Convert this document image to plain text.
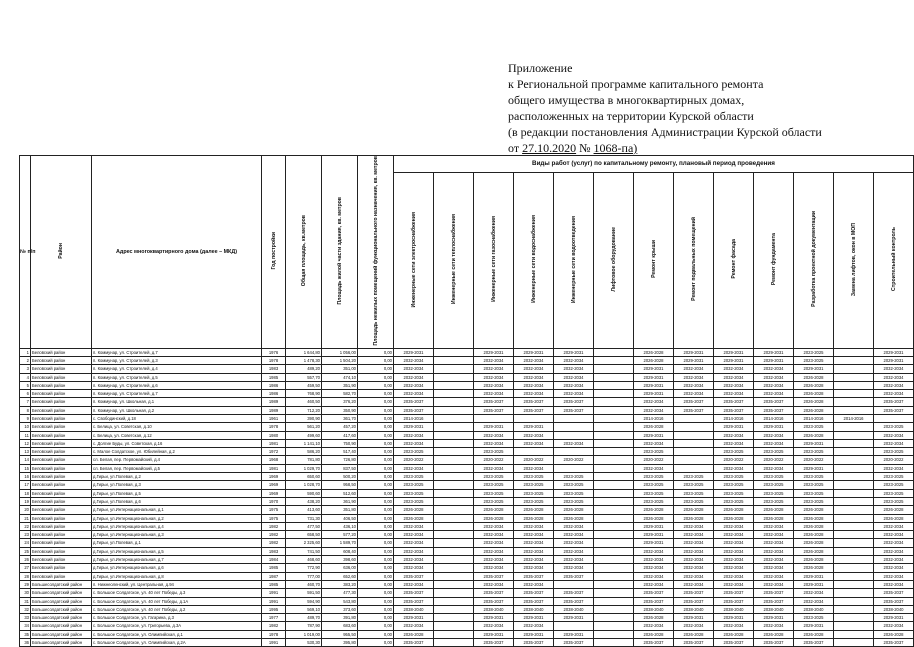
Приложение
к Региональной программе капитального ремонта
общего имущества в многоквартирных домах,
расположенных на территории Курской области
(в редакции постановления Администрации Курской области
от 27.10.2020 № 1068-па)
№ п/п	Район	Адрес многоквартирного дома (далее – МКД)	Год постройки	Общая площадь, кв.метров	Площадь жилой части здания, кв. метров	Площадь нежилых помещений функционального назначения, кв. метров	Виды работ (услуг) по капитальному ремонту, плановый период проведения												
							Инженерные сети электроснабжения	Инженерные сети теплоснабжения	Инженерные сети газоснабжения	Инженерные сети водоснабжения	Инженерные сети водоотведения	Лифтовое оборудование	Ремонт крыши	Ремонт подвальных помещений	Ремонт фасада	Ремонт фундамента	Разработка проектной документации	Замена лифтов, окон в МОП	Строительный контроль
1	Беловский район	п. Коммунар, ул. Строителей, д.7	1976	1 644,80	1 056,00	0,00	2029-2031		2029-2031	2029-2031	2029-2031		2026-2028	2029-2031	2029-2031	2029-2031	2023-2025		2029-2031
2	Беловский район	п. Коммунар, ул. Строителей, д.3	1978	1 478,30	1 504,20	0,00	2032-2034		2032-2034	2032-2034	2032-2034		2026-2028	2029-2031	2029-2031	2029-2031	2023-2025		2029-2031
3	Беловский район	п. Коммунар, ул. Строителей, д.4	1983	489,20	351,00	0,00	2032-2034		2032-2034	2032-2034	2032-2034		2029-2031	2032-2034	2032-2034	2032-2034	2029-2031		2032-2034
4	Беловский район	п. Коммунар, ул. Строителей, д.5	1985	557,70	474,10	0,00	2032-2034		2032-2034	2032-2034	2032-2034		2029-2031	2032-2034	2032-2034	2032-2034	2026-2028		2032-2034
5	Беловский район	п. Коммунар, ул. Строителей, д.6	1986	459,50	351,90	0,00	2032-2034		2032-2034	2032-2034	2032-2034		2029-2031	2032-2034	2032-2034	2032-2034	2026-2028		2032-2034
6	Беловский район	п. Коммунар, ул. Строителей, д.7	1986	768,90	582,70	0,00	2032-2034		2032-2034	2032-2034	2032-2034		2029-2031	2032-2034	2032-2034	2032-2034	2026-2028		2032-2034
7	Беловский район	п. Коммунар, ул. Школьная, д.1	1989	460,50	376,20	0,00	2035-2037		2035-2037	2035-2037	2035-2037		2032-2034	2035-2037	2035-2037	2035-2037	2026-2028		2035-2037
8	Беловский район	п. Коммунар, ул. Школьная, д.2	1989	712,20	350,90	0,00	2035-2037		2035-2037	2035-2037	2035-2037		2032-2034	2035-2037	2035-2037	2035-2037	2026-2028		2035-2037
9	Беловский район	с. Свободинский, д.18	1961	390,90	361,70	0,00	2014-2016						2014-2016		2014-2016	2014-2016	2014-2016	2014-2016	
10	Беловский район	с. Белица, ул. Советская, д.10	1978	561,20	457,20	0,00	2029-2031		2029-2031	2029-2031			2026-2028		2029-2031	2029-2031	2023-2025		2023-2025
11	Беловский район	с. Белица, ул. Советская, д.12	1980	499,60	417,60	0,00	2032-2034		2032-2034	2032-2034			2029-2031		2032-2034	2032-2034	2026-2028		2032-2034
12	Беловский район	с. Долгие Буды, ул. Советская, д.16	1981	1 141,10	750,90	0,00	2032-2034		2032-2034	2032-2034	2032-2034		2032-2034		2032-2034	2032-2034	2029-2031		2032-2034
13	Беловский район	с. Малое Солдатское, ул. Юбилейная, д.2	1972	586,20	517,40	0,00	2023-2025		2023-2025				2023-2025		2023-2025	2023-2025	2023-2025		2023-2025
14	Беловский район	сл. Белая, пер. Первомайский, д.4	1968	781,80	726,80	0,00	2020-2022		2020-2022	2020-2022	2020-2022		2020-2022		2020-2022	2020-2022	2020-2022		2020-2022
15	Беловский район	сл. Белая, пер. Первомайский, д.5	1981	1 029,70	837,50	0,00	2032-2034		2032-2034	2032-2034			2032-2034		2032-2034	2032-2034	2029-2031		2032-2034
16	Беловский район	д.Гирьи, ул.Полевая, д.2	1969	650,60	500,20	0,00	2023-2025		2023-2025	2023-2025	2023-2025		2023-2025	2023-2025	2023-2025	2023-2025	2023-2025		2023-2025
17	Беловский район	д.Гирьи, ул.Полевая, д.3	1969	1 028,70	958,50	0,00	2023-2025		2023-2025	2023-2025	2023-2025		2023-2025	2023-2025	2023-2025	2023-2025	2023-2025		2023-2025
18	Беловский район	д.Гирьи, ул.Полевая, д.5	1969	590,60	512,60	0,00	2023-2025		2023-2025	2023-2025	2023-2025		2023-2025	2023-2025	2023-2025	2023-2025	2023-2025		2023-2025
19	Беловский район	д.Гирьи, ул.Полевая, д.6	1970	438,20	361,90	0,00	2023-2025		2023-2025	2023-2025	2023-2025		2023-2025	2023-2025	2023-2025	2023-2025	2023-2025		2023-2025
20	Беловский район	д.Гирьи, ул.Интернациональная, д.1	1975	413,60	351,80	0,00	2026-2028		2026-2028	2026-2028	2026-2028		2026-2028	2026-2028	2026-2028	2026-2028	2026-2028		2026-2028
21	Беловский район	д.Гирьи, ул.Интернациональная, д.2	1975	731,30	406,50	0,00	2026-2028		2026-2028	2026-2028	2026-2028		2026-2028	2026-2028	2026-2028	2026-2028	2026-2028		2026-2028
22	Беловский район	д.Гирьи, ул.Интернациональная, д.4	1982	477,50	436,10	0,00	2032-2034		2032-2034	2032-2034	2032-2034		2029-2031	2032-2034	2032-2034	2032-2034	2026-2028		2032-2034
23	Беловский район	д.Гирьи, ул.Интернациональная, д.3	1982	658,50	577,20	0,00	2032-2034		2032-2034	2032-2034	2032-2034		2029-2031	2032-2034	2032-2034	2032-2034	2026-2028		2032-2034
24	Беловский район	д.Гирьи, ул.Полевая, д.1	1982	2 325,60	1 589,70	0,00	2032-2034		2032-2034	2032-2034	2032-2034		2029-2031	2032-2034	2032-2034	2032-2034	2026-2028		2032-2034
25	Беловский район	д.Гирьи, ул.Интернациональная, д.5	1983	741,50	608,40	0,00	2032-2034		2032-2034	2032-2034	2032-2034		2032-2034	2032-2034	2032-2034	2032-2034	2026-2028		2032-2034
26	Беловский район	д.Гирьи, ул.Интернациональная, д.7	1984	468,60	398,60	0,00	2032-2034		2032-2034	2032-2034	2032-2034		2032-2034	2032-2034	2032-2034	2032-2034	2026-2028		2032-2034
27	Беловский район	д.Гирьи, ул.Интернациональная, д.6	1985	772,90	636,00	0,00	2032-2034		2032-2034	2032-2034	2032-2034		2032-2034	2032-2034	2032-2034	2032-2034	2026-2028		2032-2034
28	Беловский район	д.Гирьи, ул.Интернациональная, д.8	1987	777,00	652,60	0,00	2035-2037		2035-2037	2035-2037	2035-2037		2032-2034	2032-2034	2032-2034	2032-2034	2029-2031		2032-2034
29	Большесолдатский район	п. Нижнеоленский, ул. Центральная, д.94	1985	460,70	383,20	0,00	2032-2034		2032-2034	2032-2034			2032-2034	2032-2034	2032-2034	2032-2034	2029-2031		2032-2034
30	Большесолдатский район	с. Большое Солдатское, ул. 40 лет Победы, д.3	1991	591,50	477,30	0,00	2035-2037		2035-2037	2035-2037	2035-2037		2035-2037	2035-2037	2035-2037	2035-2037	2032-2034		2035-2037
31	Большесолдатский район	с. Большое Солдатское, ул. 40 лет Победы, д.1А	1991	594,90	543,80	0,00	2035-2037		2035-2037	2035-2037	2035-2037		2035-2037	2035-2037	2035-2037	2035-2037	2032-2034		2035-2037
32	Большесолдатский район	с. Большое Солдатское, ул. 40 лет Победы, д.2	1995	569,10	373,60	0,00	2038-2040		2038-2040	2038-2040	2038-2040		2038-2040	2038-2040	2038-2040	2038-2040	2038-2040		2038-2040
33	Большесолдатский район	с. Большое Солдатское, ул. Гагарина, д.3	1977	489,70	391,80	0,00	2029-2031		2029-2031	2029-2031	2029-2031		2026-2028	2029-2031	2029-2031	2029-2031	2023-2025		2029-2031
34	Большесолдатский район	с. Большое Солдатское, ул. Григорьева, д.3А	1982	787,90	683,60	0,00	2032-2034		2032-2034	2032-2034			2032-2034	2032-2034	2032-2034	2032-2034	2029-2031		2032-2034
35	Большесолдатский район	с. Большое Солдатское, ул. Олимпийская, д.1	1978	1 019,00	955,50	0,00	2026-2028		2029-2031	2029-2031	2029-2031		2026-2028	2026-2028	2026-2028	2026-2028	2026-2028		2026-2028
36	Большесолдатский район	с. Большое Солдатское, ул. Олимпийская, д.2А	1991	530,30	395,80	0,00	2035-2037		2035-2037	2035-2037	2035-2037		2035-2037	2035-2037	2035-2037	2035-2037	2035-2037		2035-2037
